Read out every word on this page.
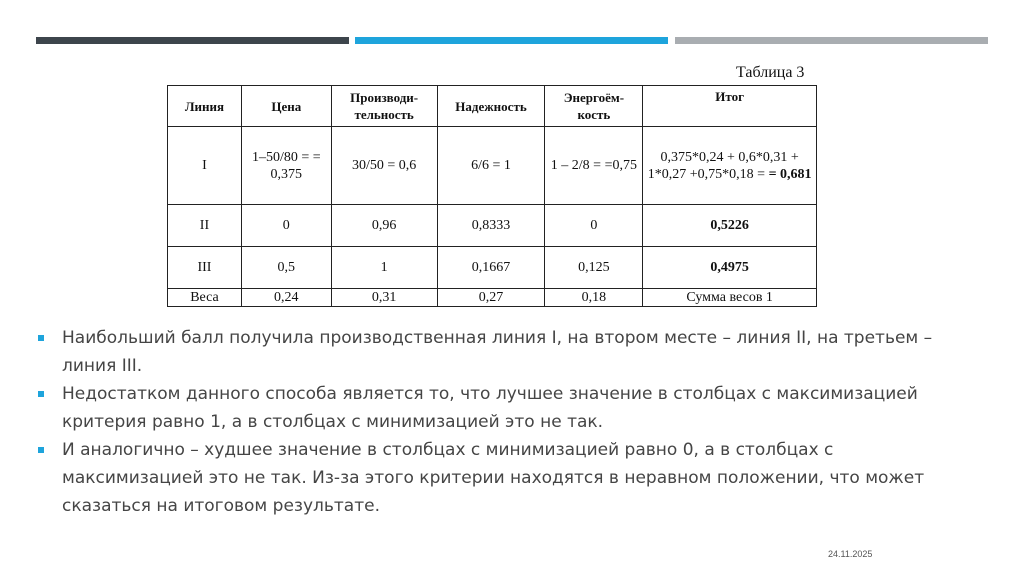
Таблица 3
Линия	Цена	Производи-тельность	Надежность	Энергоём-кость	Итог
I	1–50/80 = = 0,375	30/50 = 0,6	6/6 = 1	1 – 2/8 = =0,75	0,375*0,24 + 0,6*0,31 + 1*0,27 +0,75*0,18 = = 0,681
II	0	0,96	0,8333	0	0,5226
III	0,5	1	0,1667	0,125	0,4975
Веса	0,24	0,31	0,27	0,18	Сумма весов 1
Наибольший балл получила производственная линия I, на втором месте – линия II, на третьем – линия III.
Недостатком данного способа является то, что лучшее значение в столбцах с максимизацией критерия равно 1, а в столбцах с минимизацией это не так.
И аналогично – худшее значение в столбцах с минимизацией равно 0, а в столбцах с максимизацией это не так. Из-за этого критерии находятся в неравном положении, что может сказаться на итоговом результате.
24.11.2025
